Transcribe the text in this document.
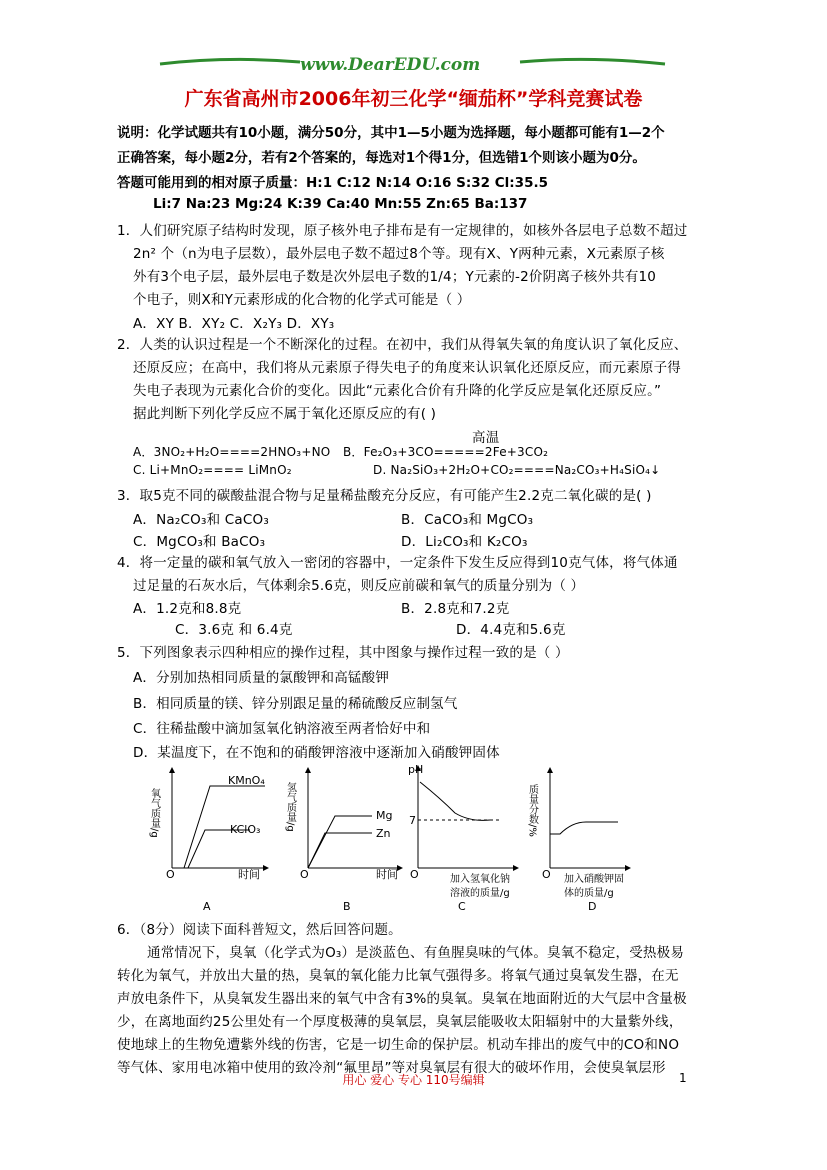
www.DearEDU.com
广东省高州市2006年初三化学“缅茄杯”学科竞赛试卷
说明：化学试题共有10小题，满分50分，其中1—5小题为选择题，每小题都可能有1—2个
正确答案，每小题2分，若有2个答案的，每选对1个得1分，但选错1个则该小题为0分。
答题可能用到的相对原子质量：H:1 C:12 N:14 O:16 S:32 Cl:35.5
Li:7 Na:23 Mg:24 K:39 Ca:40 Mn:55 Zn:65 Ba:137
1．人们研究原子结构时发现，原子核外电子排布是有一定规律的，如核外各层电子总数不超过
2n² 个（n为电子层数），最外层电子数不超过8个等。现有X、Y两种元素，X元素原子核
外有3个电子层，最外层电子数是次外层电子数的1/4；Y元素的-2价阴离子核外共有10
个电子，则X和Y元素形成的化合物的化学式可能是（ ）
A．XY B．XY₂ C．X₂Y₃ D．XY₃
2．人类的认识过程是一个不断深化的过程。在初中，我们从得氧失氧的角度认识了氧化反应、
还原反应；在高中，我们将从元素原子得失电子的角度来认识氧化还原反应，而元素原子得
失电子表现为元素化合价的变化。因此“元素化合价有升降的化学反应是氧化还原反应。”
据此判断下列化学反应不属于氧化还原反应的有( )
高温
A．3NO₂+H₂O====2HNO₃+NO B．Fe₂O₃+3CO=====2Fe+3CO₂
C. Li+MnO₂==== LiMnO₂	D. Na₂SiO₃+2H₂O+CO₂====Na₂CO₃+H₄SiO₄↓
3．取5克不同的碳酸盐混合物与足量稀盐酸充分反应，有可能产生2.2克二氧化碳的是( )
A．Na₂CO₃和 CaCO₃	B．CaCO₃和 MgCO₃
C．MgCO₃和 BaCO₃	D．Li₂CO₃和 K₂CO₃
4．将一定量的碳和氧气放入一密闭的容器中，一定条件下发生反应得到10克气体，将气体通
过足量的石灰水后，气体剩余5.6克，则反应前碳和氧气的质量分别为（ ）
A．1.2克和8.8克	B．2.8克和7.2克
C．3.6克 和 6.4克	D．4.4克和5.6克
5．下列图象表示四种相应的操作过程，其中图象与操作过程一致的是（ ）
A．分别加热相同质量的氯酸钾和高锰酸钾
B．相同质量的镁、锌分别跟足量的稀硫酸反应制氢气
C．往稀盐酸中滴加氢氧化钠溶液至两者恰好中和
D．某温度下，在不饱和的硝酸钾溶液中逐渐加入硝酸钾固体
KMnO₄
KClO₃
氧气质量/g
O	时间
A
Mg
Zn
氢气质量/g
O	时间
B
7
pH
O	加入氢氧化钠
溶液的质量/g
C
质量分数/%
O 加入硝酸钾固
体的质量/g
D
6．（8分）阅读下面科普短文，然后回答问题。
通常情况下，臭氧（化学式为O₃）是淡蓝色、有鱼腥臭味的气体。臭氧不稳定，受热极易
转化为氧气，并放出大量的热，臭氧的氧化能力比氧气强得多。将氧气通过臭氧发生器，在无
声放电条件下，从臭氧发生器出来的氧气中含有3%的臭氧。臭氧在地面附近的大气层中含量极
少，在离地面约25公里处有一个厚度极薄的臭氧层，臭氧层能吸收太阳辐射中的大量紫外线，
使地球上的生物免遭紫外线的伤害，它是一切生命的保护层。机动车排出的废气中的CO和NO
等气体、家用电冰箱中使用的致冷剂“氟里昂”等对臭氧层有很大的破坏作用，会使臭氧层形
用心 爱心 专心 110号编辑	1
